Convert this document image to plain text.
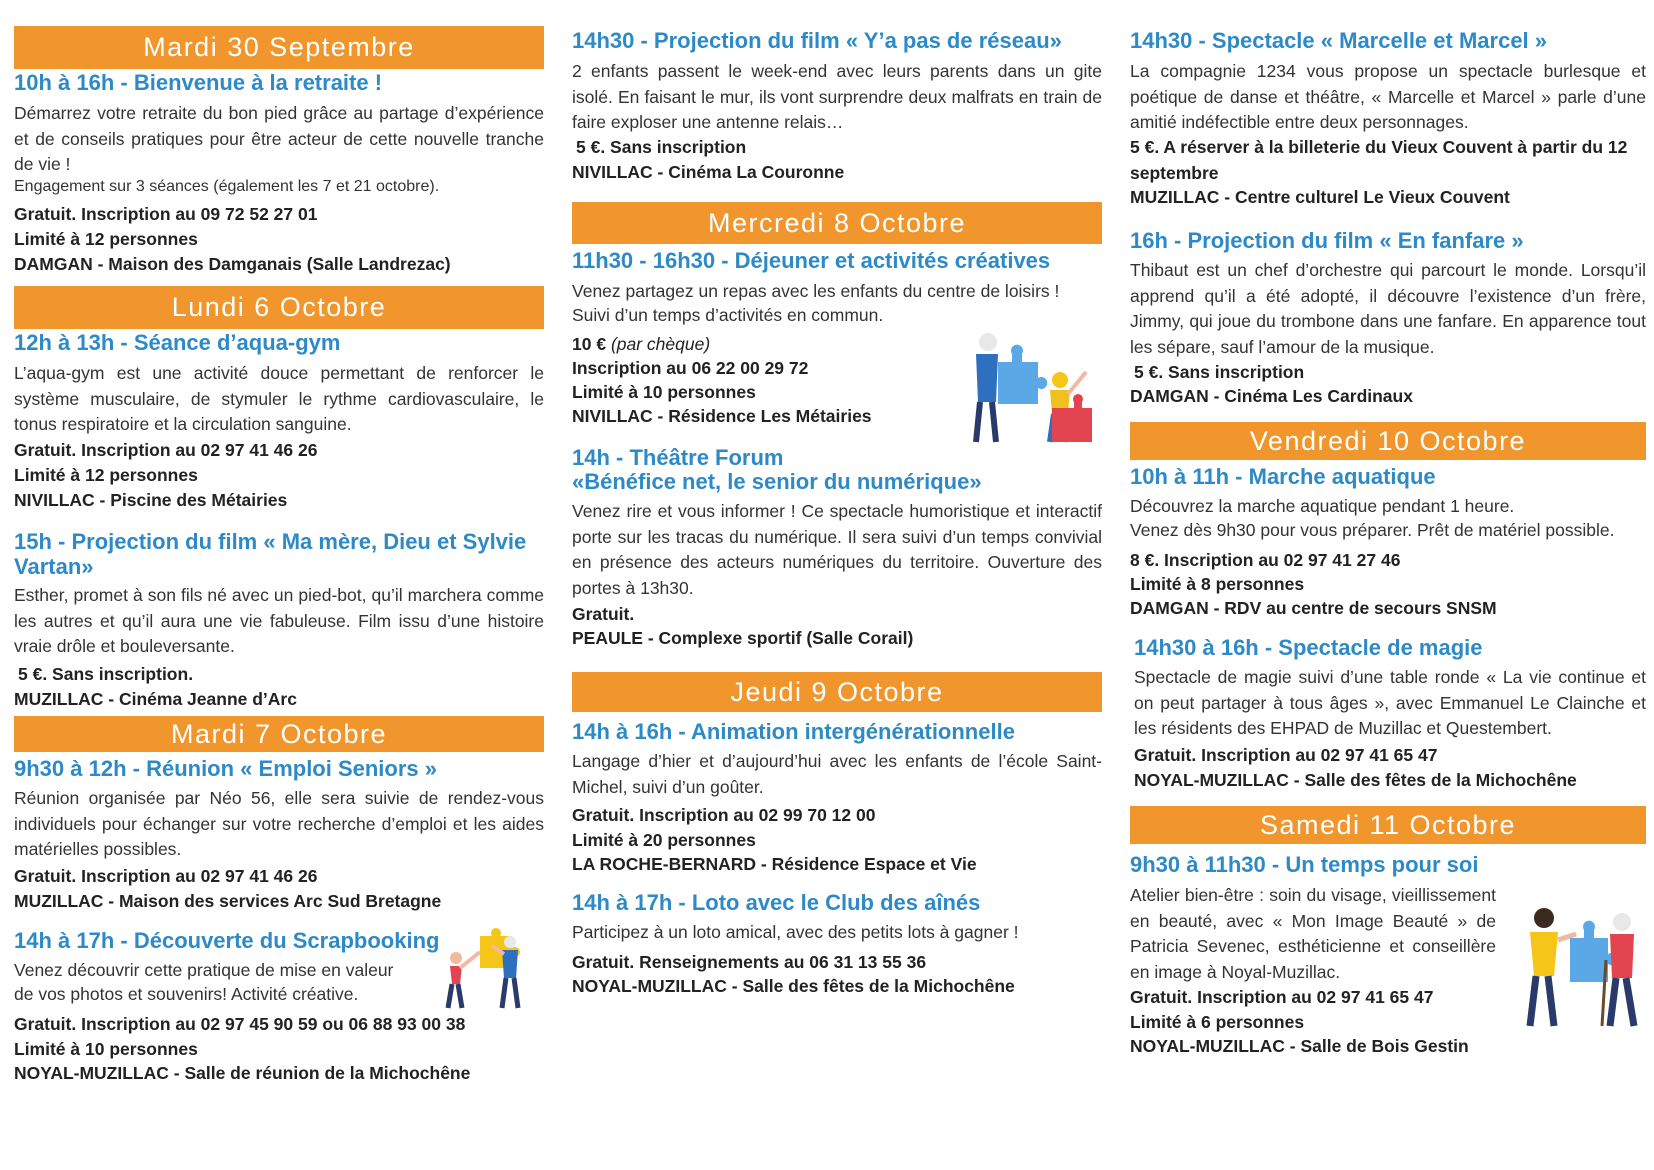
Mardi 30 Septembre
10h à 16h - Bienvenue à la retraite !
Démarrez votre retraite du bon pied grâce au partage d’expérience et de conseils pratiques pour être acteur de cette nouvelle tranche de vie !
Engagement sur 3 séances (également les 7 et 21 octobre).
Gratuit. Inscription au 09 72 52 27 01
Limité à 12 personnes
DAMGAN - Maison des Damganais (Salle Landrezac)
Lundi 6 Octobre
12h à 13h - Séance d’aqua-gym
L’aqua-gym est une activité douce permettant de renforcer le système musculaire, de stymuler le rythme cardiovasculaire, le tonus respiratoire et la circulation sanguine.
Gratuit. Inscription au 02 97 41 46 26
Limité à 12 personnes
NIVILLAC - Piscine des Métairies
15h - Projection du film « Ma mère, Dieu et Sylvie
Vartan»
Esther, promet à son fils né avec un pied-bot, qu’il marchera comme les autres et qu’il aura une vie fabuleuse. Film issu d’une histoire vraie drôle et bouleversante.
5 €. Sans inscription.
MUZILLAC - Cinéma Jeanne d’Arc
Mardi 7 Octobre
9h30 à 12h - Réunion « Emploi Seniors »
Réunion organisée par Néo 56, elle sera suivie de rendez-vous individuels pour échanger sur votre recherche d’emploi et les aides matérielles possibles.
Gratuit. Inscription au 02 97 41 46 26
MUZILLAC - Maison des services Arc Sud Bretagne
14h à 17h - Découverte du Scrapbooking
Venez découvrir cette pratique de mise en valeur
de vos photos et souvenirs! Activité créative.
Gratuit. Inscription au 02 97 45 90 59 ou 06 88 93 00 38
Limité à 10 personnes
NOYAL-MUZILLAC - Salle de réunion de la Michochêne
14h30 - Projection du film « Y’a pas de réseau»
2 enfants passent le week-end avec leurs parents dans un gite isolé. En faisant le mur, ils vont surprendre deux malfrats en train de faire exploser une antenne relais…
5 €. Sans inscription
NIVILLAC - Cinéma La Couronne
Mercredi 8 Octobre
11h30 - 16h30 - Déjeuner et activités créatives
Venez partagez un repas avec les enfants du centre de loisirs !
Suivi d’un temps d’activités en commun.
10 € (par chèque)
Inscription au 06 22 00 29 72
Limité à 10 personnes
NIVILLAC - Résidence Les Métairies
14h - Théâtre Forum
«Bénéfice net, le senior du numérique»
Venez rire et vous informer ! Ce spectacle humoristique et interactif porte sur les tracas du numérique. Il sera suivi d’un temps convivial en présence des acteurs numériques du territoire. Ouverture des portes à 13h30.
Gratuit.
PEAULE - Complexe sportif (Salle Corail)
Jeudi 9 Octobre
14h à 16h - Animation intergénérationnelle
Langage d’hier et d’aujourd’hui avec les enfants de l’école Saint-Michel, suivi d’un goûter.
Gratuit. Inscription au 02 99 70 12 00
Limité à 20 personnes
LA ROCHE-BERNARD - Résidence Espace et Vie
14h à 17h - Loto avec le Club des aînés
Participez à un loto amical, avec des petits lots à gagner !
Gratuit. Renseignements au 06 31 13 55 36
NOYAL-MUZILLAC - Salle des fêtes de la Michochêne
14h30 - Spectacle « Marcelle et Marcel »
La compagnie 1234 vous propose un spectacle burlesque et poétique de danse et théâtre, « Marcelle et Marcel » parle d’une amitié indéfectible entre deux personnages.
5 €. A réserver à la billeterie du Vieux Couvent à partir du 12 septembre
MUZILLAC - Centre culturel Le Vieux Couvent
16h - Projection du film « En fanfare »
Thibaut est un chef d’orchestre qui parcourt le monde. Lorsqu’il apprend qu’il a été adopté, il découvre l’existence d’un frère, Jimmy, qui joue du trombone dans une fanfare. En apparence tout les sépare, sauf l’amour de la musique.
5 €. Sans inscription
DAMGAN - Cinéma Les Cardinaux
Vendredi 10 Octobre
10h à 11h - Marche aquatique
Découvrez la marche aquatique pendant 1 heure.
Venez dès 9h30 pour vous préparer. Prêt de matériel possible.
8 €. Inscription au 02 97 41 27 46
Limité à 8 personnes
DAMGAN - RDV au centre de secours SNSM
14h30 à 16h - Spectacle de magie
Spectacle de magie suivi d’une table ronde « La vie continue et on peut partager à tous âges », avec Emmanuel Le Clainche et les résidents des EHPAD de Muzillac et Questembert.
Gratuit. Inscription au 02 97 41 65 47
NOYAL-MUZILLAC - Salle des fêtes de la Michochêne
Samedi 11 Octobre
9h30 à 11h30 - Un temps pour soi
Atelier bien-être : soin du visage, vieillissement en beauté, avec « Mon Image Beauté » de Patricia Sevenec, esthéticienne et conseillère en image à Noyal-Muzillac.
Gratuit. Inscription au 02 97 41 65 47
Limité à 6 personnes
NOYAL-MUZILLAC - Salle de Bois Gestin
